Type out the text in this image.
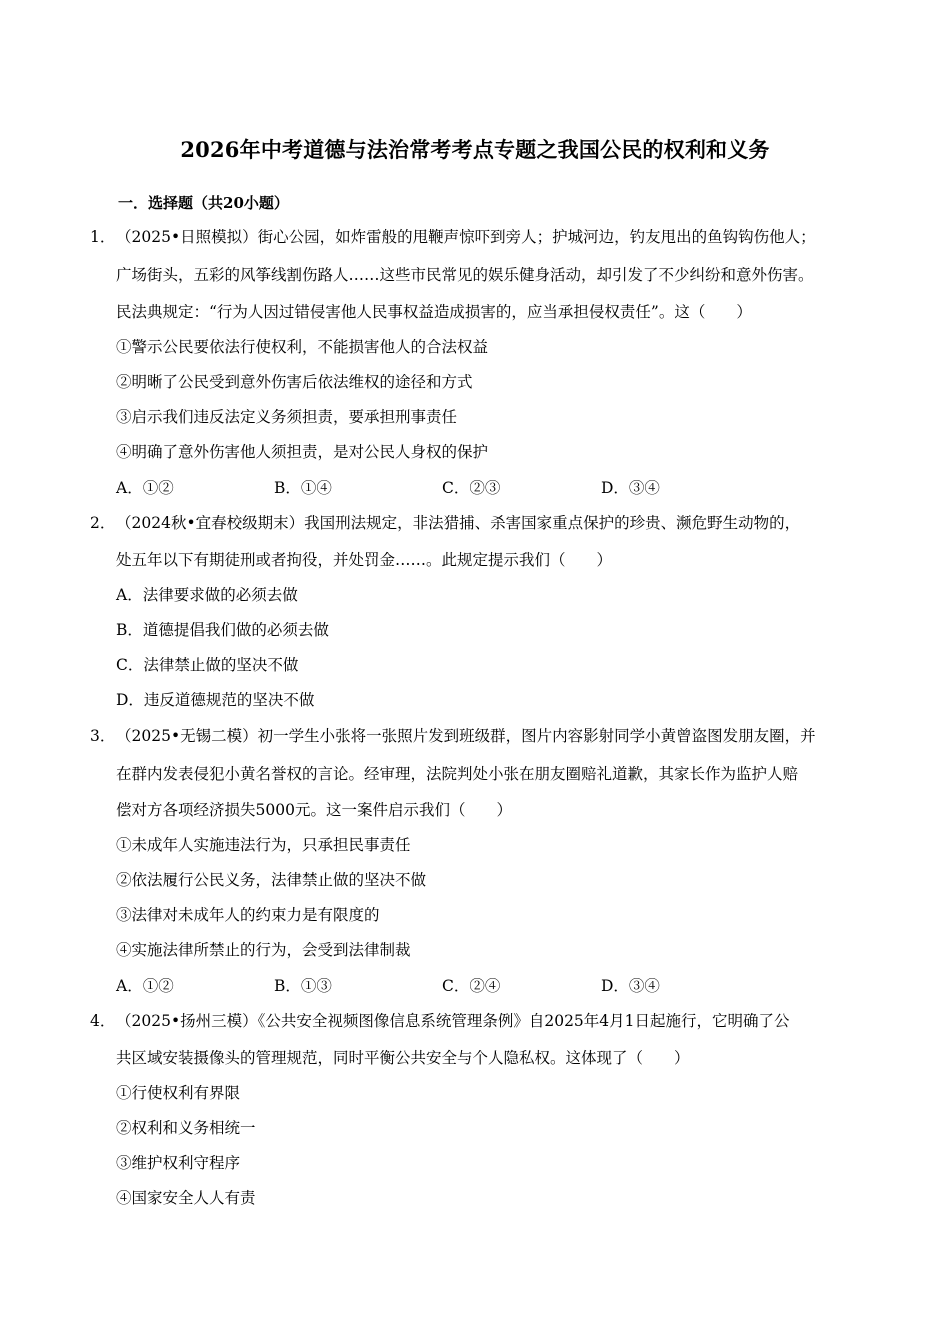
2026年中考道德与法治常考考点专题之我国公民的权利和义务
一．选择题（共20小题）
1． （2025•日照模拟）街心公园，如炸雷般的甩鞭声惊吓到旁人；护城河边，钓友甩出的鱼钩钩伤他人；
广场街头，五彩的风筝线割伤路人……这些市民常见的娱乐健身活动，却引发了不少纠纷和意外伤害。
民法典规定：“行为人因过错侵害他人民事权益造成损害的，应当承担侵权责任”。这（　　）
①警示公民要依法行使权利，不能损害他人的合法权益
②明晰了公民受到意外伤害后依法维权的途径和方式
③启示我们违反法定义务须担责，要承担刑事责任
④明确了意外伤害他人须担责，是对公民人身权的保护
A．①②	B．①④	C．②③	D．③④
2． （2024秋•宜春校级期末）我国刑法规定，非法猎捕、杀害国家重点保护的珍贵、濒危野生动物的，
处五年以下有期徒刑或者拘役，并处罚金……。此规定提示我们（　　）
A．法律要求做的必须去做
B．道德提倡我们做的必须去做
C．法律禁止做的坚决不做
D．违反道德规范的坚决不做
3． （2025•无锡二模）初一学生小张将一张照片发到班级群，图片内容影射同学小黄曾盗图发朋友圈，并
在群内发表侵犯小黄名誉权的言论。经审理，法院判处小张在朋友圈赔礼道歉，其家长作为监护人赔
偿对方各项经济损失5000元。这一案件启示我们（　　）
①未成年人实施违法行为，只承担民事责任
②依法履行公民义务，法律禁止做的坚决不做
③法律对未成年人的约束力是有限度的
④实施法律所禁止的行为，会受到法律制裁
A．①②	B．①③	C．②④	D．③④
4． （2025•扬州三模）《公共安全视频图像信息系统管理条例》自2025年4月1日起施行，它明确了公
共区域安装摄像头的管理规范，同时平衡公共安全与个人隐私权。这体现了（　　）
①行使权利有界限
②权利和义务相统一
③维护权利守程序
④国家安全人人有责
